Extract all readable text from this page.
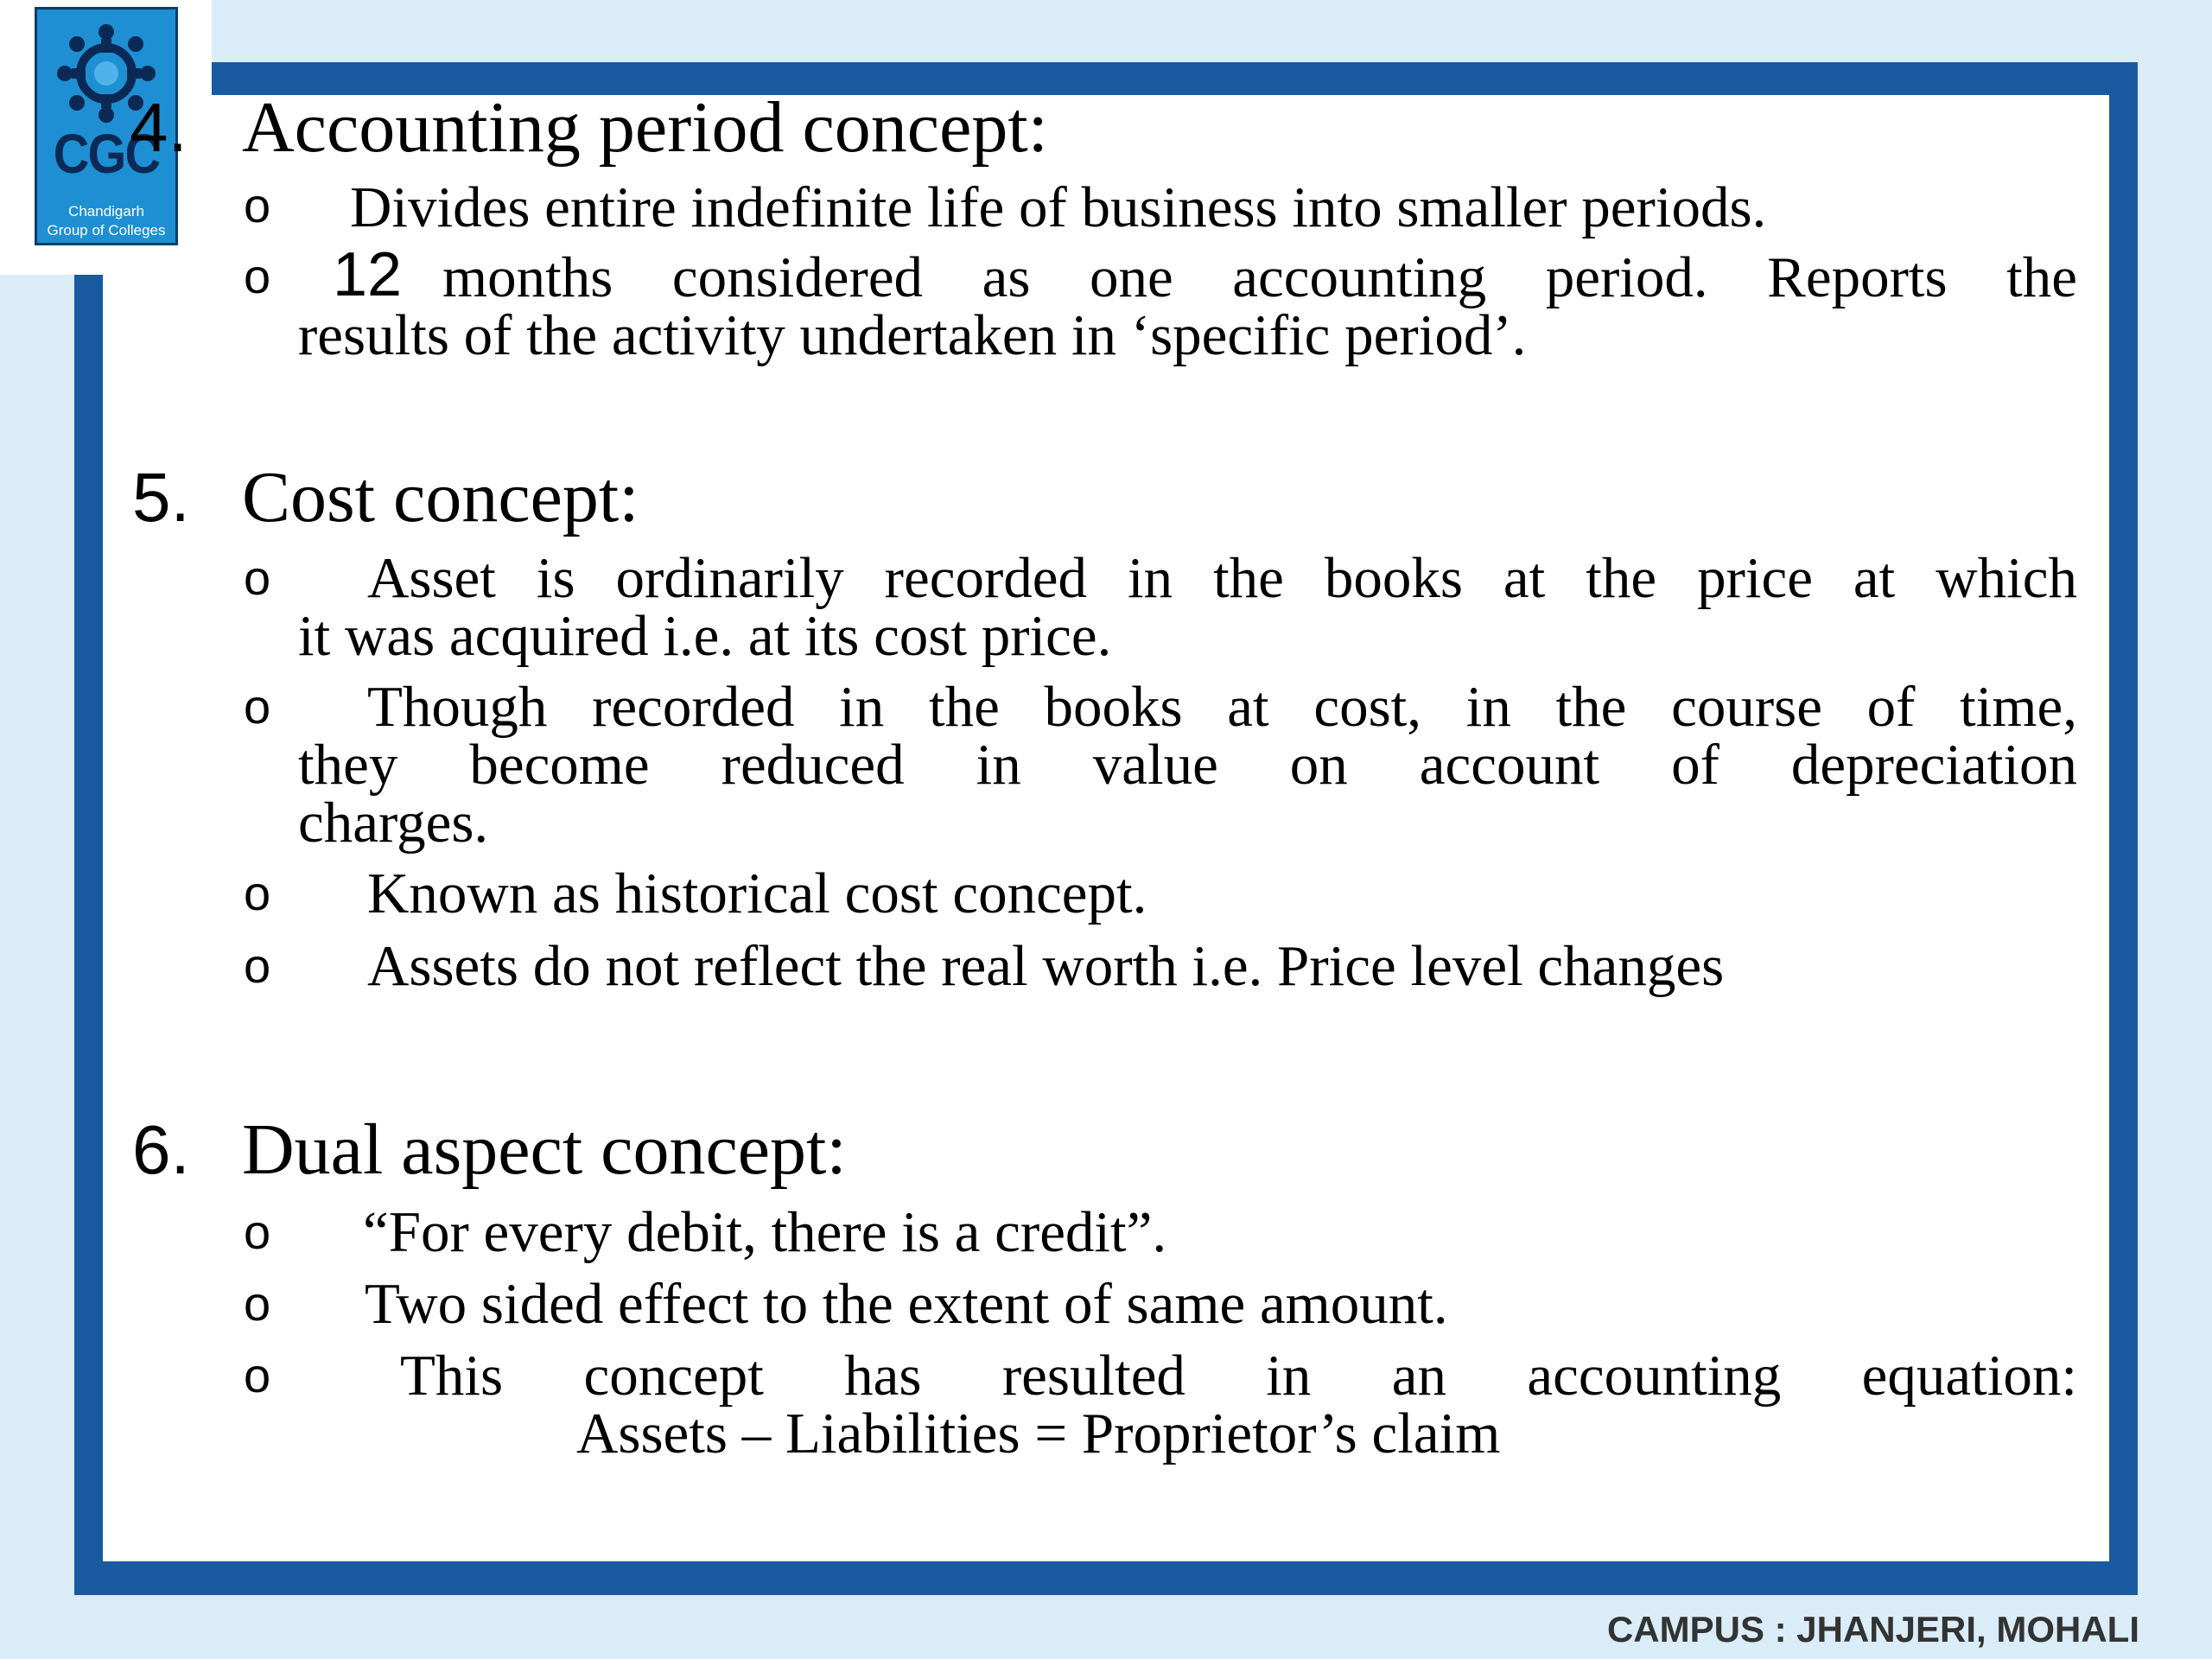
CGC
Chandigarh
Group of Colleges
4. Accounting period concept:
o Divides entire indefinite life of business into smaller periods.
o 12 months considered as one accounting period. Reports the
results of the activity undertaken in ‘specific period’.
5. Cost concept:
o Asset is ordinarily recorded in the books at the price at which
it was acquired i.e. at its cost price.
o Though recorded in the books at cost, in the course of time,
they become reduced in value on account of depreciation
charges.
o Known as historical cost concept.
o Assets do not reflect the real worth i.e. Price level changes
6. Dual aspect concept:
o “For every debit, there is a credit”.
o Two sided effect to the extent of same amount.
o This concept has resulted in an accounting equation:
Assets – Liabilities = Proprietor’s claim
CAMPUS : JHANJERI, MOHALI
